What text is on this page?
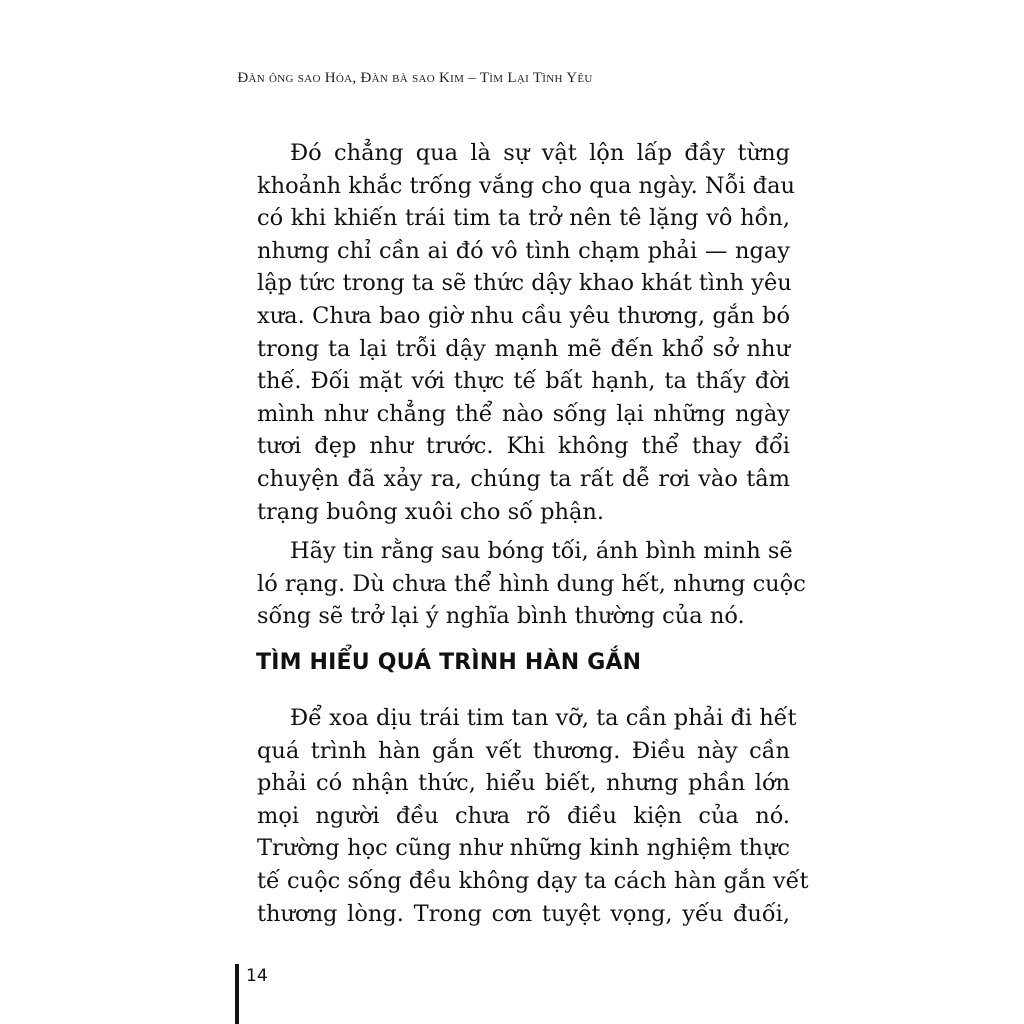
Đàn ông sao Hỏa, Đàn bà sao Kim – Tìm Lại Tình Yêu
Đó chẳng qua là sự vật lộn lấp đầy từng
khoảnh khắc trống vắng cho qua ngày. Nỗi đau
có khi khiến trái tim ta trở nên tê lặng vô hồn,
nhưng chỉ cần ai đó vô tình chạm phải — ngay
lập tức trong ta sẽ thức dậy khao khát tình yêu
xưa. Chưa bao giờ nhu cầu yêu thương, gắn bó
trong ta lại trỗi dậy mạnh mẽ đến khổ sở như
thế. Đối mặt với thực tế bất hạnh, ta thấy đời
mình như chẳng thể nào sống lại những ngày
tươi đẹp như trước. Khi không thể thay đổi
chuyện đã xảy ra, chúng ta rất dễ rơi vào tâm
trạng buông xuôi cho số phận.
Hãy tin rằng sau bóng tối, ánh bình minh sẽ
ló rạng. Dù chưa thể hình dung hết, nhưng cuộc
sống sẽ trở lại ý nghĩa bình thường của nó.
TÌM HIỂU QUÁ TRÌNH HÀN GẮN
Để xoa dịu trái tim tan vỡ, ta cần phải đi hết
quá trình hàn gắn vết thương. Điều này cần
phải có nhận thức, hiểu biết, nhưng phần lớn
mọi người đều chưa rõ điều kiện của nó.
Trường học cũng như những kinh nghiệm thực
tế cuộc sống đều không dạy ta cách hàn gắn vết
thương lòng. Trong cơn tuyệt vọng, yếu đuối,
14
